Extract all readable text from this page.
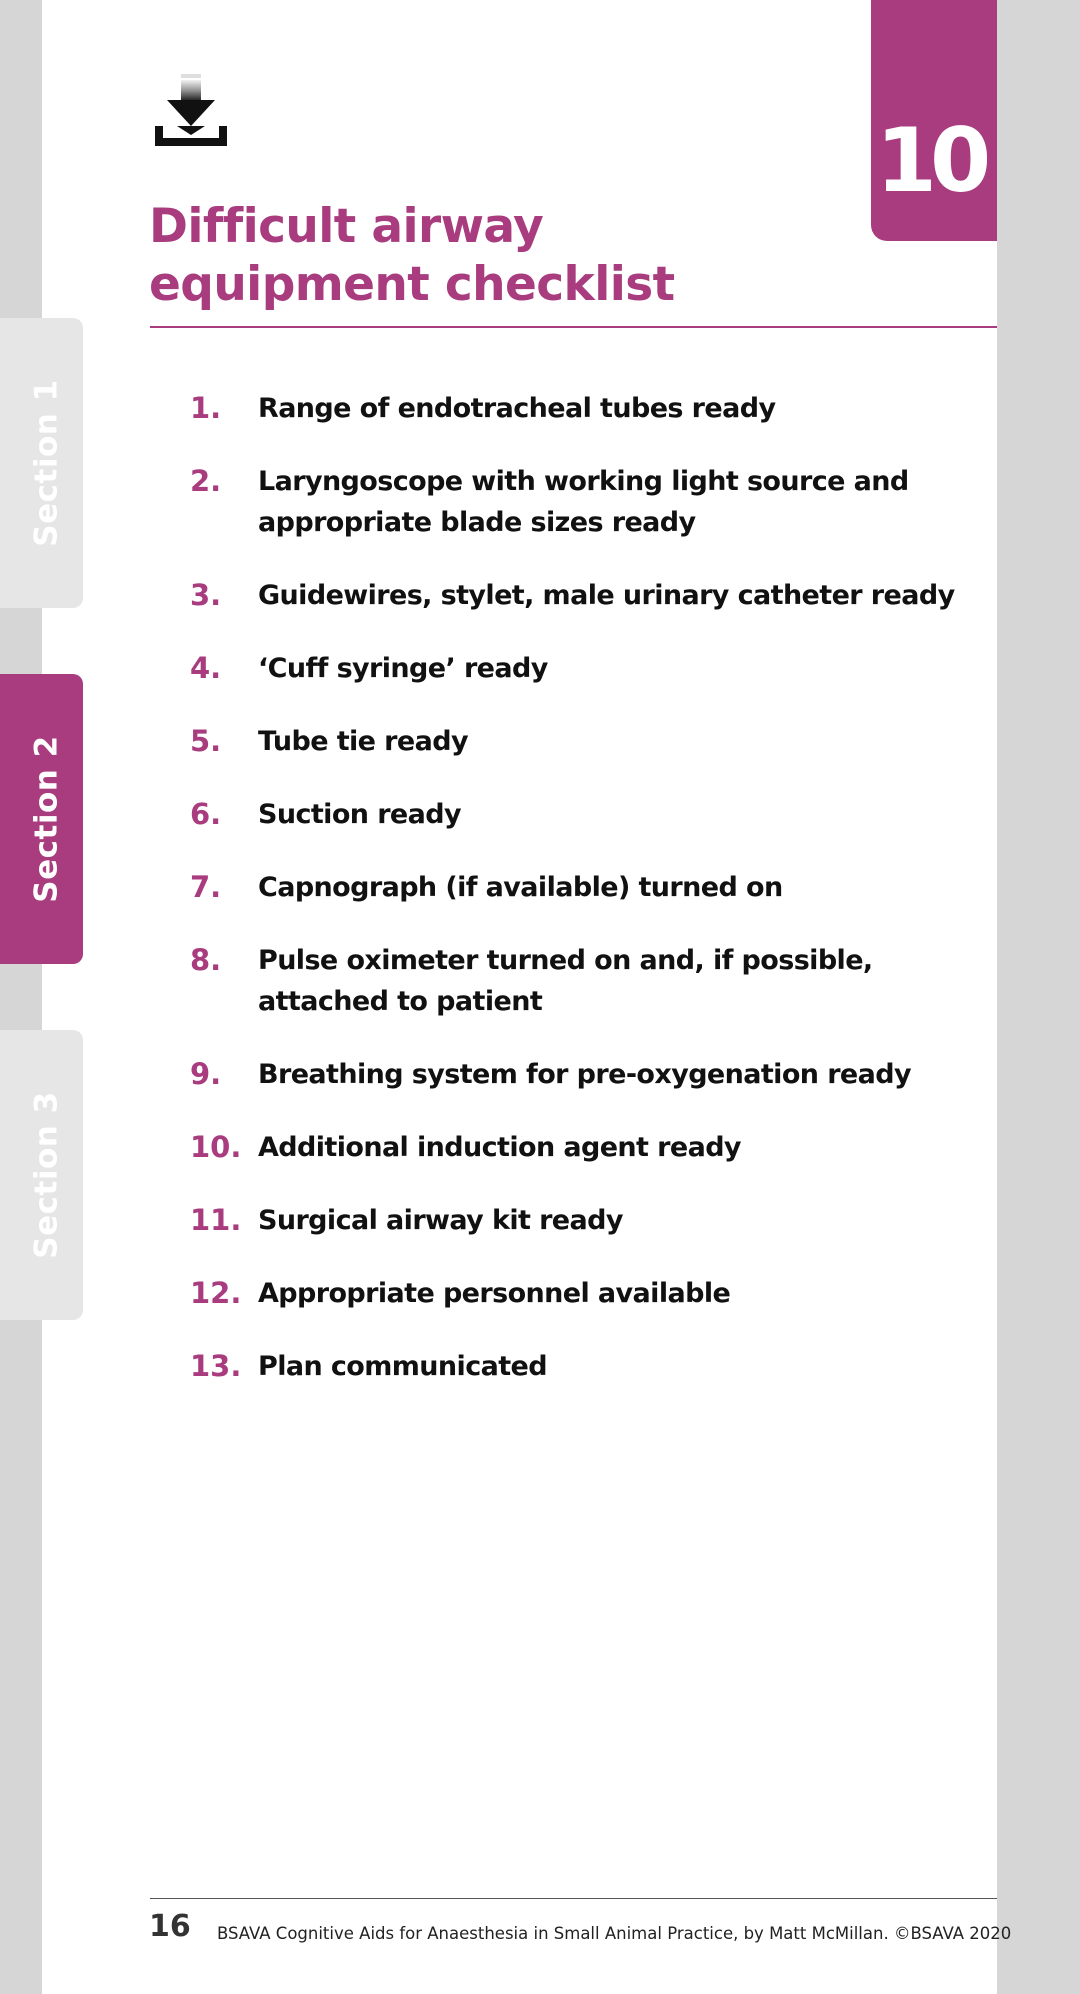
10
Difficult airway
equipment checklist
1.	Range of endotracheal tubes ready
2.	Laryngoscope with working light source and appropriate blade sizes ready
3.	Guidewires, stylet, male urinary catheter ready
4.	‘Cuff syringe’ ready
5.	Tube tie ready
6.	Suction ready
7.	Capnograph (if available) turned on
8.	Pulse oximeter turned on and, if possible, attached to patient
9.	Breathing system for pre-oxygenation ready
10. Additional induction agent ready
11. Surgical airway kit ready
12. Appropriate personnel available
13. Plan communicated
16 BSAVA Cognitive Aids for Anaesthesia in Small Animal Practice, by Matt McMillan. ©BSAVA 2020
Section 1
Section 2
Section 3
